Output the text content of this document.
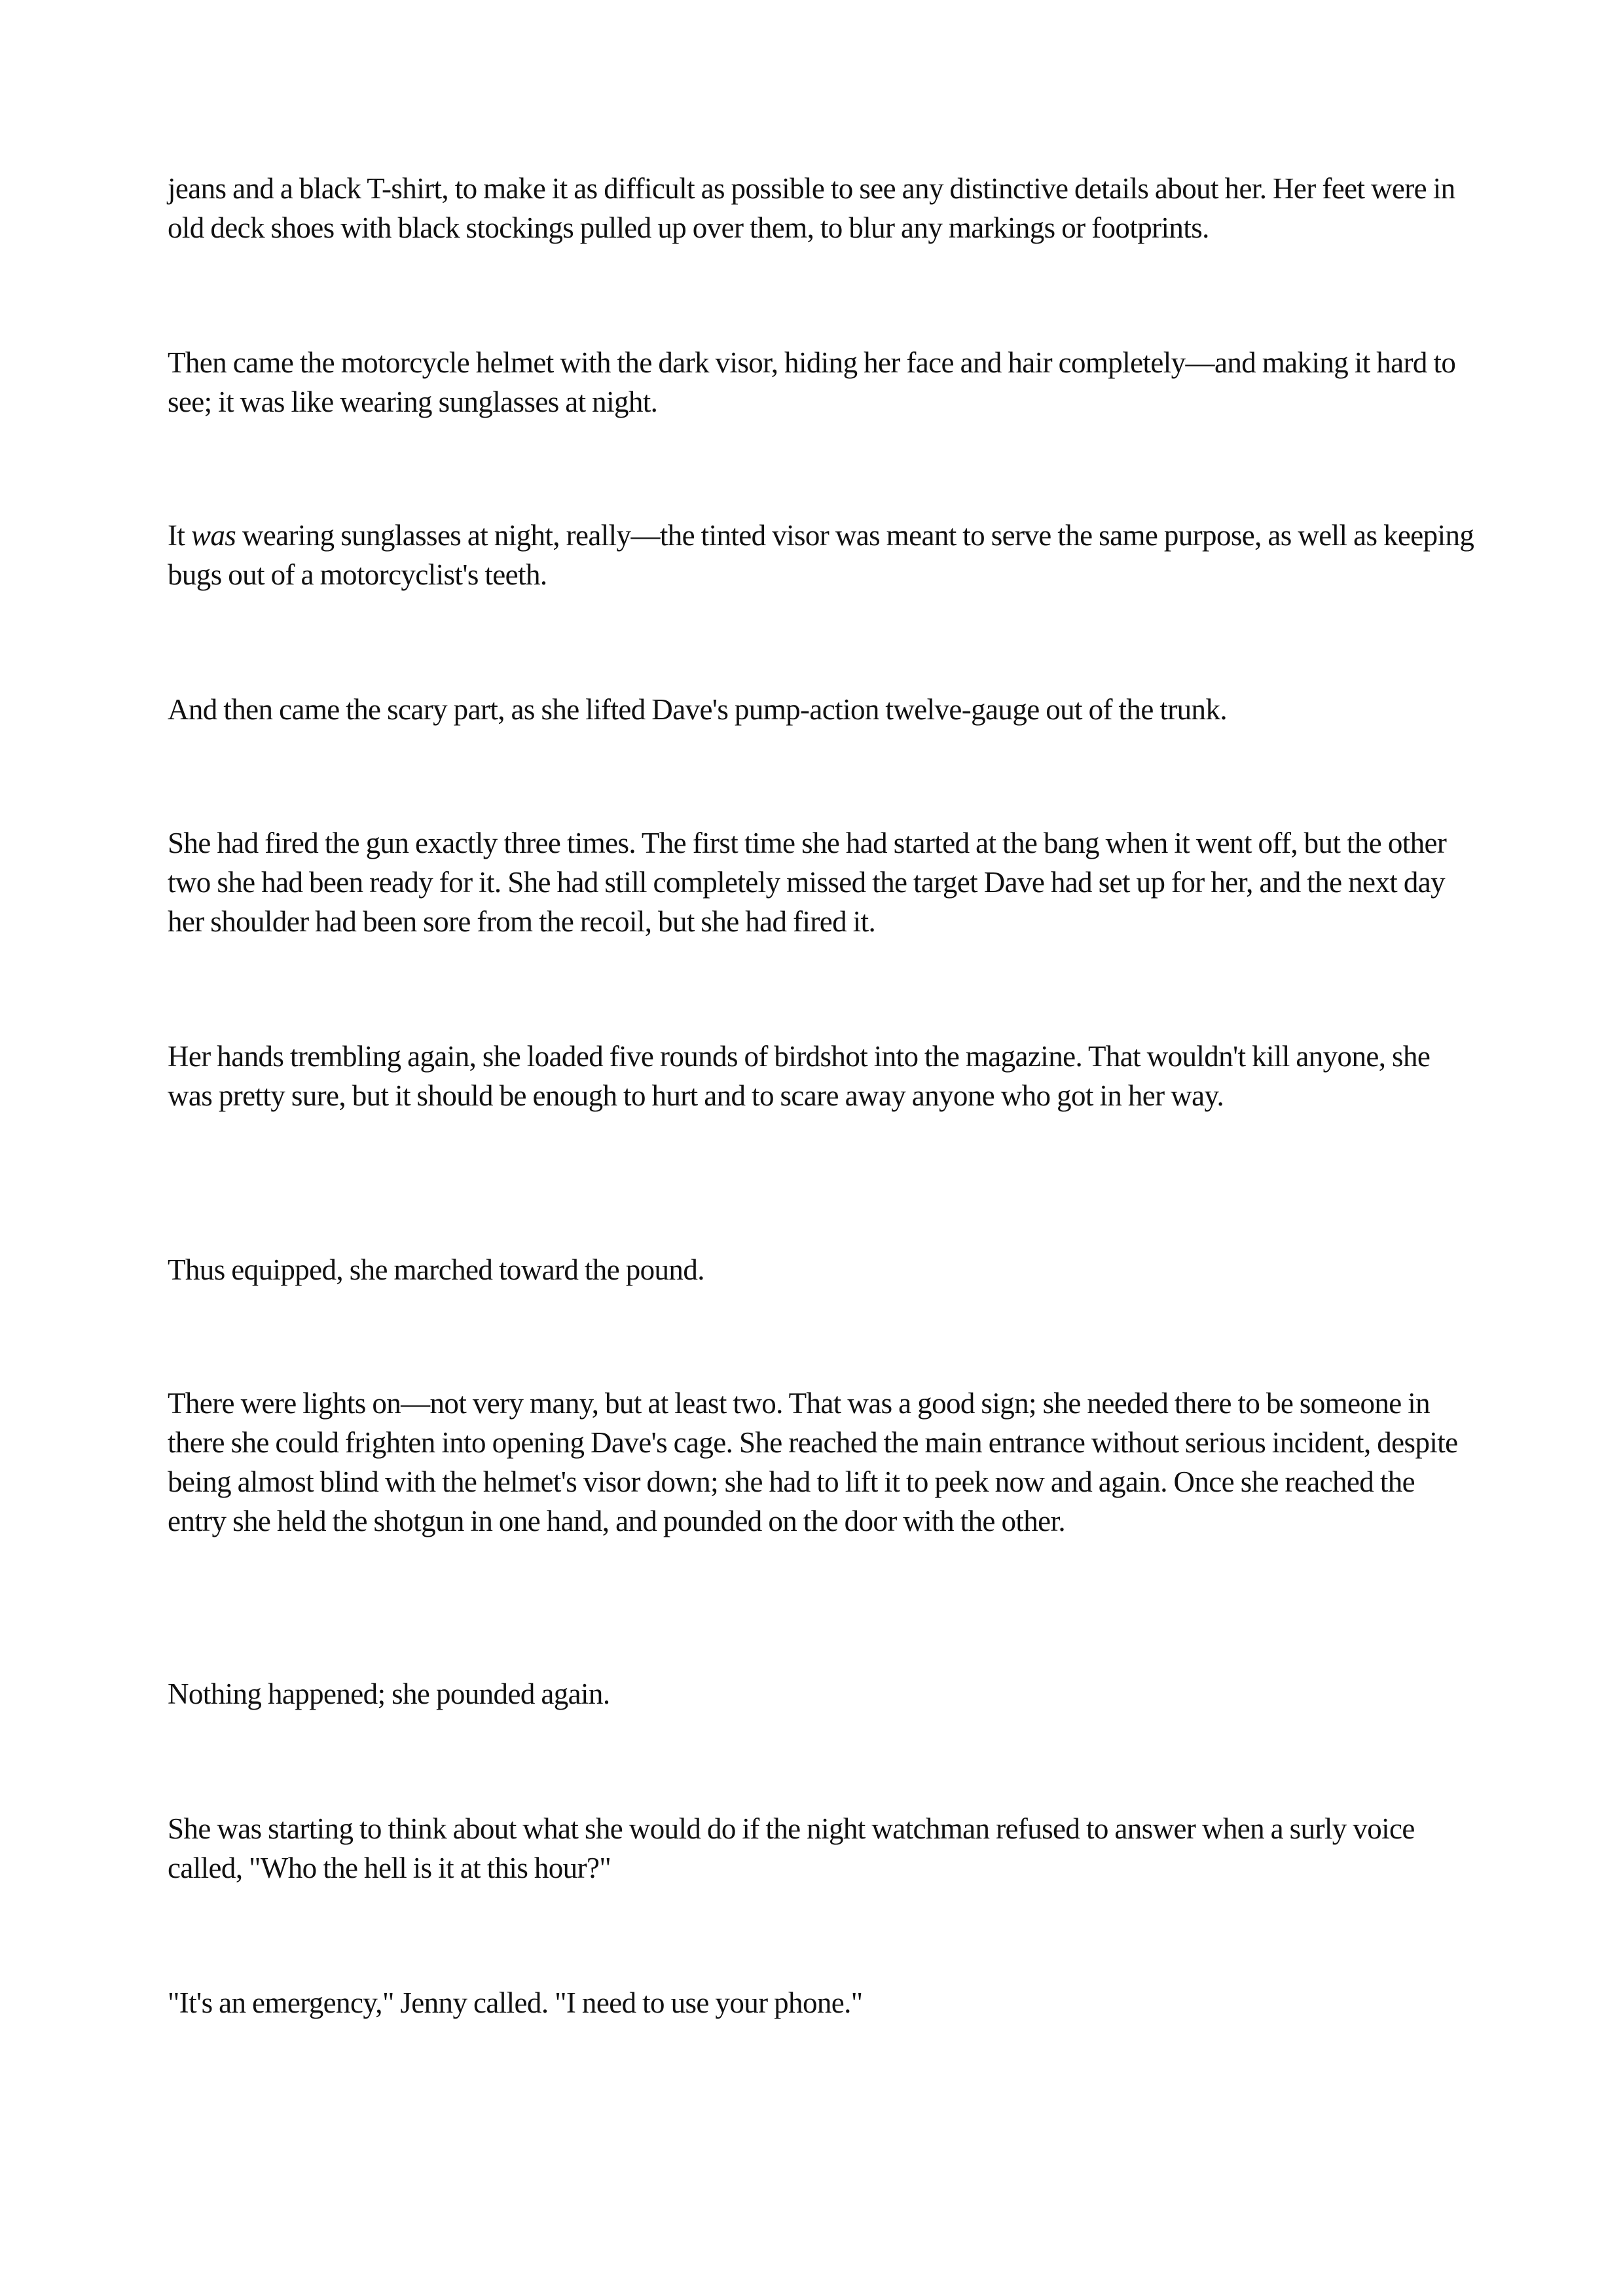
jeans and a black T-shirt, to make it as difficult as possible to see any distinctive details about her. Her feet were in old deck shoes with black stockings pulled up over them, to blur any markings or footprints.

Then came the motorcycle helmet with the dark visor, hiding her face and hair completely—and making it hard to see; it was like wearing sunglasses at night.

It was wearing sunglasses at night, really—the tinted visor was meant to serve the same purpose, as well as keeping bugs out of a motorcyclist's teeth.

And then came the scary part, as she lifted Dave's pump-action twelve-gauge out of the trunk.

She had fired the gun exactly three times. The first time she had started at the bang when it went off, but the other two she had been ready for it. She had still completely missed the target Dave had set up for her, and the next day her shoulder had been sore from the recoil, but she had fired it.

Her hands trembling again, she loaded five rounds of birdshot into the magazine. That wouldn't kill anyone, she was pretty sure, but it should be enough to hurt and to scare away anyone who got in her way.

Thus equipped, she marched toward the pound.

There were lights on—not very many, but at least two. That was a good sign; she needed there to be someone in there she could frighten into opening Dave's cage. She reached the main entrance without serious incident, despite being almost blind with the helmet's visor down; she had to lift it to peek now and again. Once she reached the entry she held the shotgun in one hand, and pounded on the door with the other.

Nothing happened; she pounded again.

She was starting to think about what she would do if the night watchman refused to answer when a surly voice called, "Who the hell is it at this hour?"

"It's an emergency," Jenny called. "I need to use your phone."
